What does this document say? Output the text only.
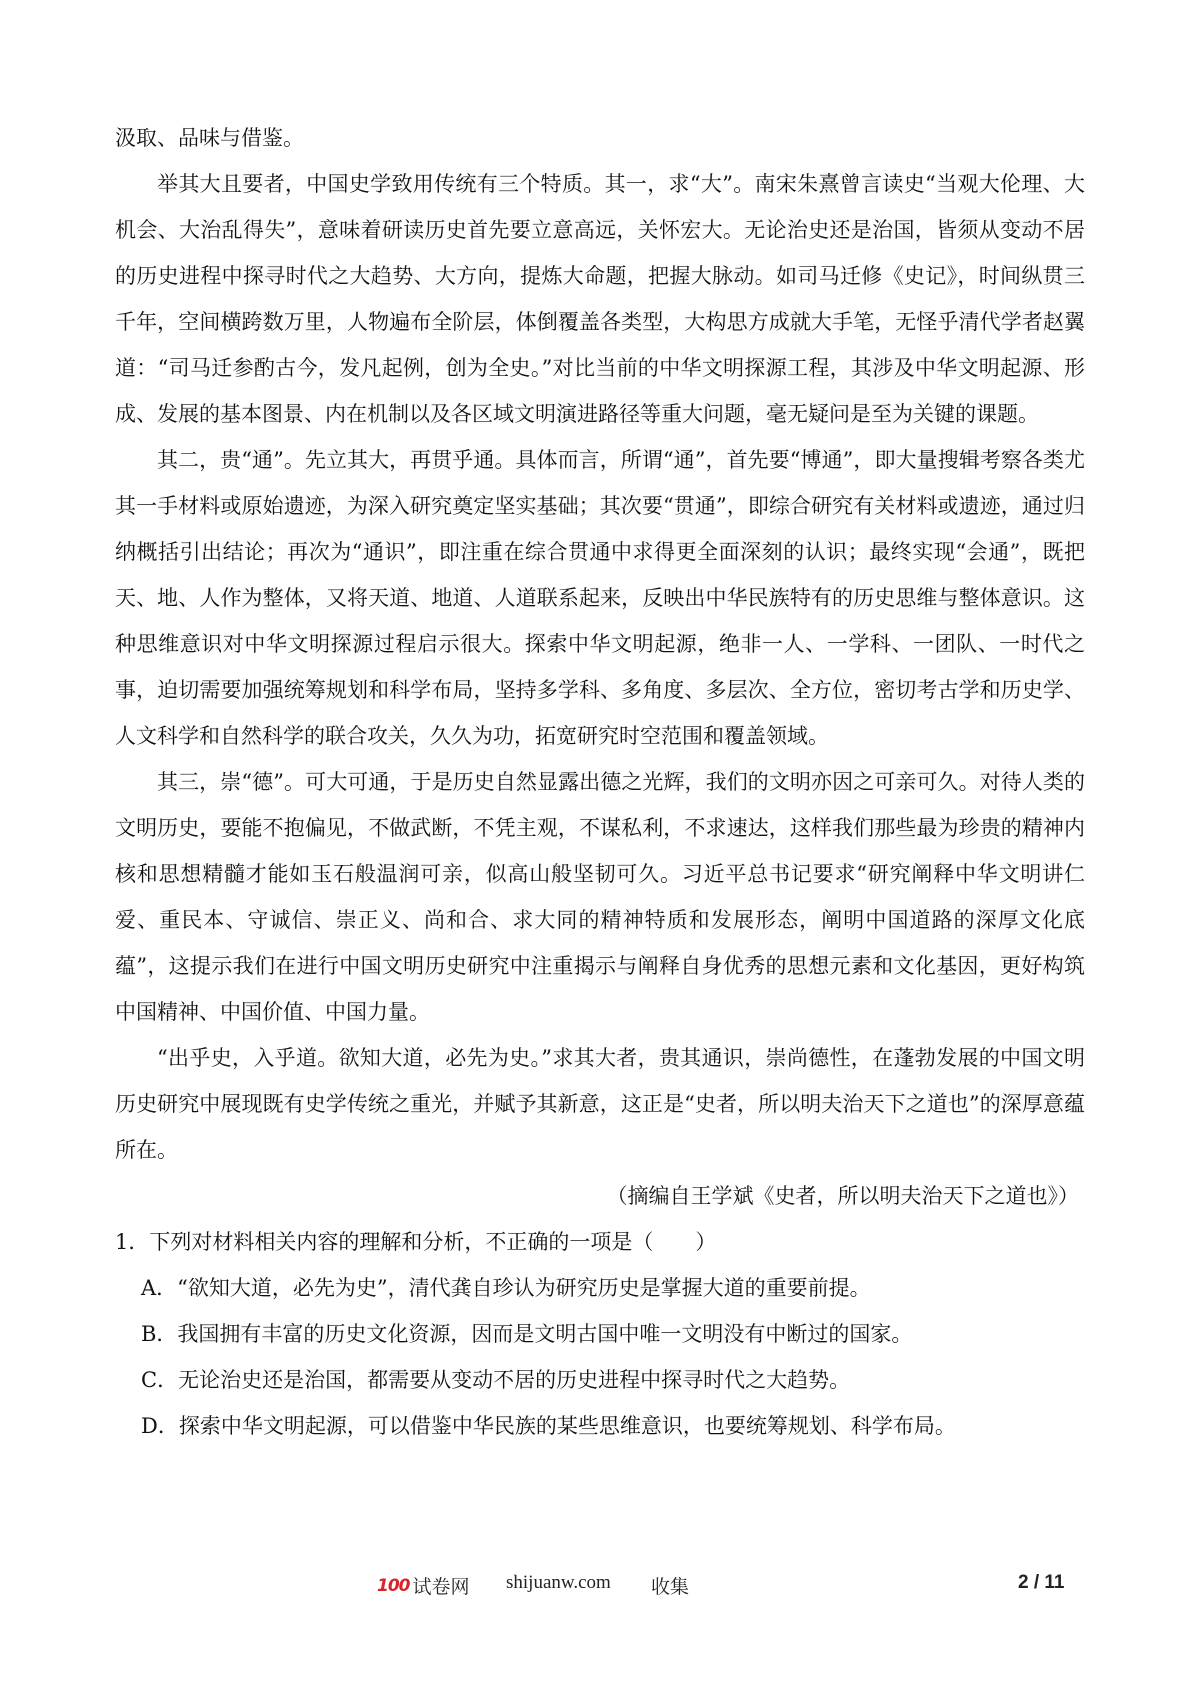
汲取、品味与借鉴。

举其大且要者，中国史学致用传统有三个特质。其一，求“大”。南宋朱熹曾言读史“当观大伦理、大机会、大治乱得失”，意味着研读历史首先要立意高远，关怀宏大。无论治史还是治国，皆须从变动不居的历史进程中探寻时代之大趋势、大方向，提炼大命题，把握大脉动。如司马迁修《史记》，时间纵贯三千年，空间横跨数万里，人物遍布全阶层，体倒覆盖各类型，大构思方成就大手笔，无怪乎清代学者赵翼道：“司马迁参酌古今，发凡起例，创为全史。”对比当前的中华文明探源工程，其涉及中华文明起源、形成、发展的基本图景、内在机制以及各区域文明演进路径等重大问题，毫无疑问是至为关键的课题。

其二，贵“通”。先立其大，再贯乎通。具体而言，所谓“通”，首先要“博通”，即大量搜辑考察各类尤其一手材料或原始遗迹，为深入研究奠定坚实基础；其次要“贯通”，即综合研究有关材料或遗迹，通过归纳概括引出结论；再次为“通识”，即注重在综合贯通中求得更全面深刻的认识；最终实现“会通”，既把天、地、人作为整体，又将天道、地道、人道联系起来，反映出中华民族特有的历史思维与整体意识。这种思维意识对中华文明探源过程启示很大。探索中华文明起源，绝非一人、一学科、一团队、一时代之事，迫切需要加强统筹规划和科学布局，坚持多学科、多角度、多层次、全方位，密切考古学和历史学、人文科学和自然科学的联合攻关，久久为功，拓宽研究时空范围和覆盖领域。

其三，崇“德”。可大可通，于是历史自然显露出德之光辉，我们的文明亦因之可亲可久。对待人类的文明历史，要能不抱偏见，不做武断，不凭主观，不谋私利，不求速达，这样我们那些最为珍贵的精神内核和思想精髓才能如玉石般温润可亲，似高山般坚韧可久。习近平总书记要求“研究阐释中华文明讲仁爱、重民本、守诚信、崇正义、尚和合、求大同的精神特质和发展形态，阐明中国道路的深厚文化底蕴”，这提示我们在进行中国文明历史研究中注重揭示与阐释自身优秀的思想元素和文化基因，更好构筑中国精神、中国价值、中国力量。

“出乎史，入乎道。欲知大道，必先为史。”求其大者，贵其通识，崇尚德性，在蓬勃发展的中国文明历史研究中展现既有史学传统之重光，并赋予其新意，这正是“史者，所以明夫治天下之道也”的深厚意蕴所在。

（摘编自王学斌《史者，所以明夫治天下之道也》）

1．下列对材料相关内容的理解和分析，不正确的一项是（　　）

A．“欲知大道，必先为史”，清代龚自珍认为研究历史是掌握大道的重要前提。

B．我国拥有丰富的历史文化资源，因而是文明古国中唯一文明没有中断过的国家。

C．无论治史还是治国，都需要从变动不居的历史进程中探寻时代之大趋势。

D．探索中华文明起源，可以借鉴中华民族的某些思维意识，也要统筹规划、科学布局。

100 试卷网 shijuanw.com 收集	2 / 11
